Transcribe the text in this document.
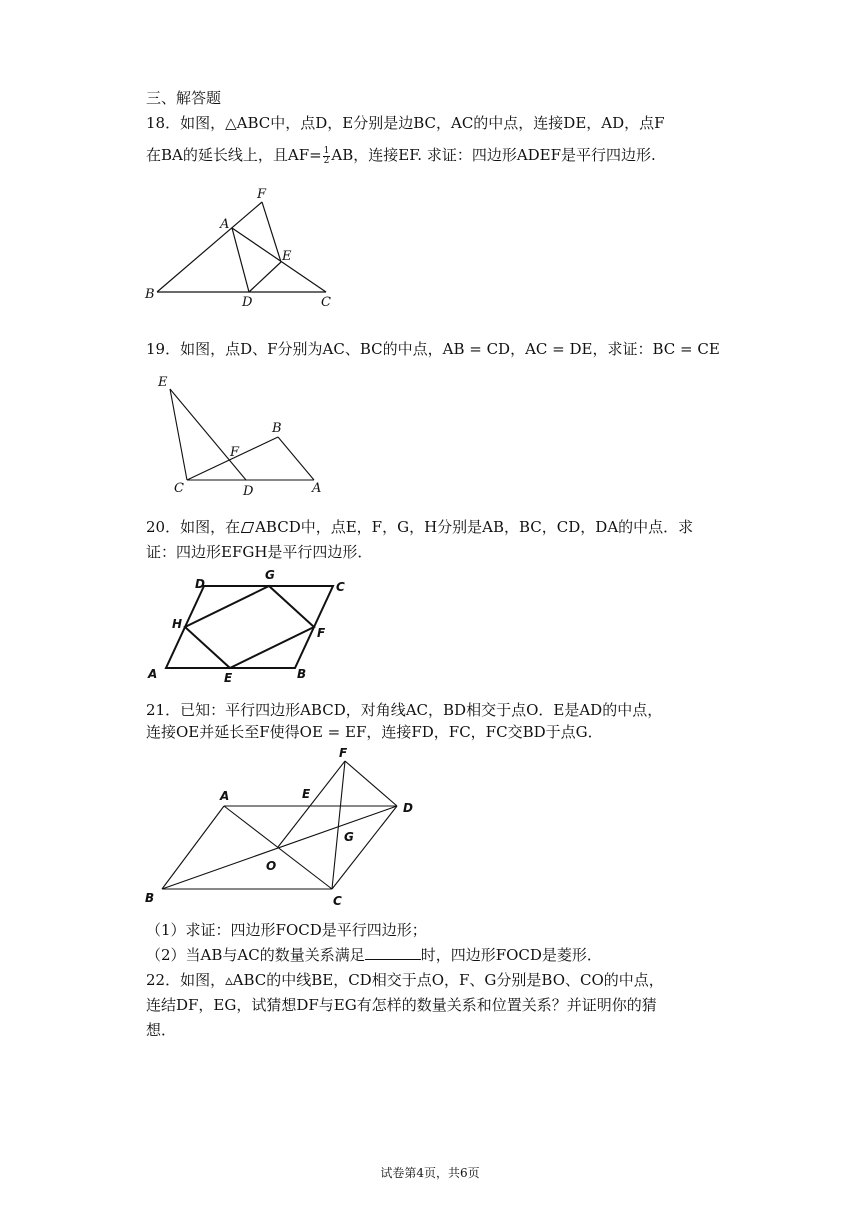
三、解答题
18．如图，△ABC中，点D，E分别是边BC，AC的中点，连接DE，AD，点F
在BA的延长线上，且$AF= \frac{1}{2}$ AB，连接EF. 求证：四边形ADEF是平行四边形.
F
A
E
B
D	C
19．如图，点D、F分别为AC、BC的中点，AB = CD，AC = DE，求证：BC = CE
E
B
F
C	D	A
20．如图，在 ABCD中，点E，F，G，H分别是AB，BC，CD，DA的中点．求
证：四边形EFGH是平行四边形．
D
G
C
H
F
A	E	B
21．已知：平行四边形ABCD，对角线AC，BD相交于点O．E是AD的中点，
连接OE并延长至F使得OE = EF，连接FD，FC，FC交BD于点G．
F
A	E
D
G
O
B	C
（1）求证：四边形FOCD是平行四边形；
（2）当AB与AC的数量关系满足	时，四边形FOCD是菱形．
22．如图，▵ABC的中线BE，CD相交于点O，F、G分别是BO、CO的中点，
连结DF，EG，试猜想DF与EG有怎样的数量关系和位置关系？并证明你的猜
想．
试卷第4页，共6页
